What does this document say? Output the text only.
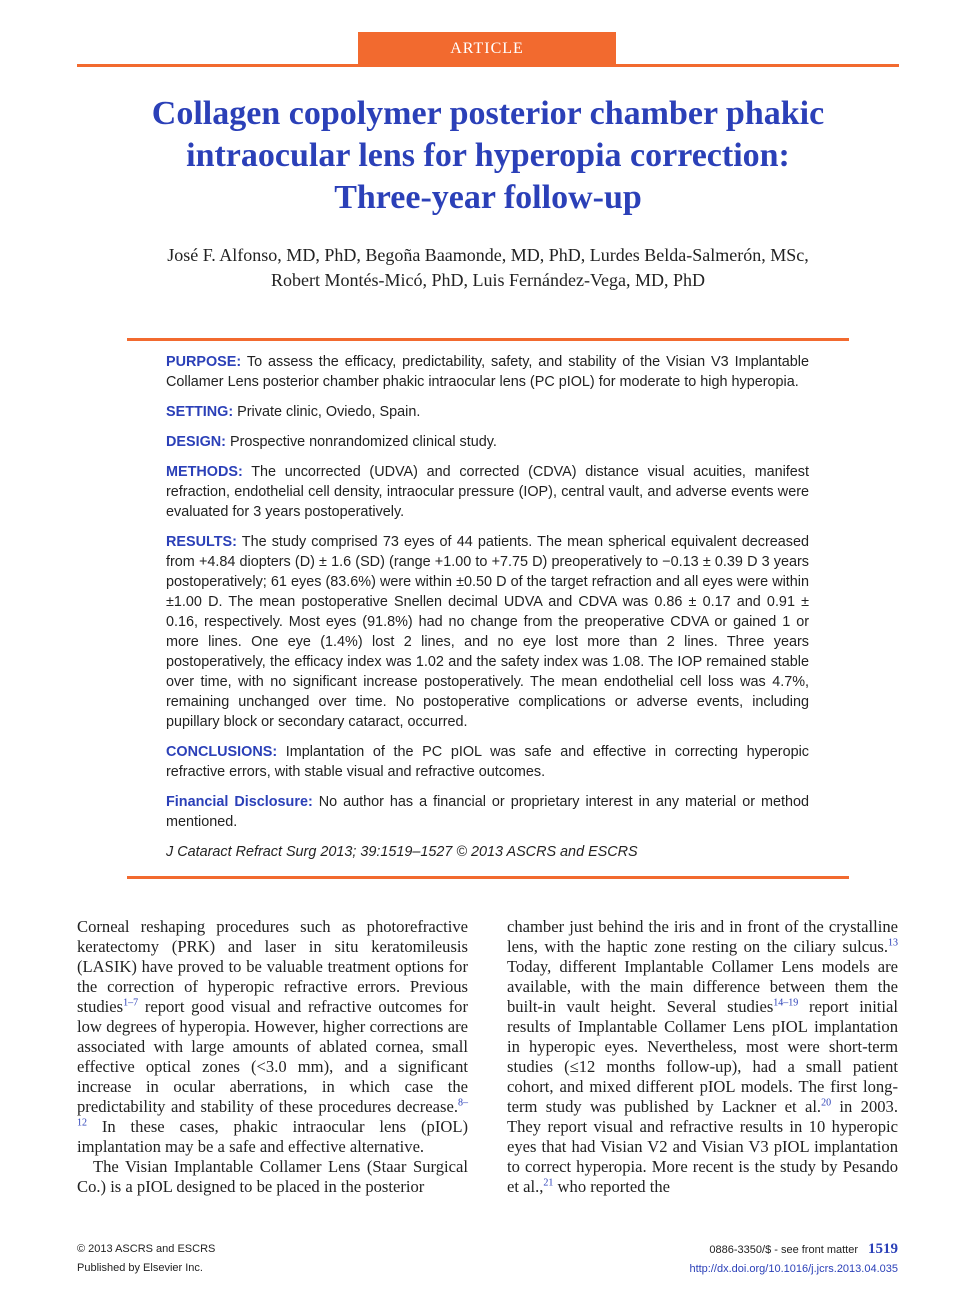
ARTICLE
Collagen copolymer posterior chamber phakic
intraocular lens for hyperopia correction:
Three-year follow-up
José F. Alfonso, MD, PhD, Begoña Baamonde, MD, PhD, Lurdes Belda-Salmerón, MSc,
Robert Montés-Micó, PhD, Luis Fernández-Vega, MD, PhD

PURPOSE: To assess the efficacy, predictability, safety, and stability of the Visian V3 Implantable Collamer Lens posterior chamber phakic intraocular lens (PC pIOL) for moderate to high hyperopia.

SETTING: Private clinic, Oviedo, Spain.

DESIGN: Prospective nonrandomized clinical study.

METHODS: The uncorrected (UDVA) and corrected (CDVA) distance visual acuities, manifest refraction, endothelial cell density, intraocular pressure (IOP), central vault, and adverse events were evaluated for 3 years postoperatively.

RESULTS: The study comprised 73 eyes of 44 patients. The mean spherical equivalent decreased from +4.84 diopters (D) ± 1.6 (SD) (range +1.00 to +7.75 D) preoperatively to −0.13 ± 0.39 D 3 years postoperatively; 61 eyes (83.6%) were within ±0.50 D of the target refraction and all eyes were within ±1.00 D. The mean postoperative Snellen decimal UDVA and CDVA was 0.86 ± 0.17 and 0.91 ± 0.16, respectively. Most eyes (91.8%) had no change from the preoperative CDVA or gained 1 or more lines. One eye (1.4%) lost 2 lines, and no eye lost more than 2 lines. Three years postoperatively, the efficacy index was 1.02 and the safety index was 1.08. The IOP remained stable over time, with no significant increase postoperatively. The mean endothelial cell loss was 4.7%, remaining unchanged over time. No postoperative complications or adverse events, including pupillary block or secondary cataract, occurred.

CONCLUSIONS: Implantation of the PC pIOL was safe and effective in correcting hyperopic refractive errors, with stable visual and refractive outcomes.

Financial Disclosure: No author has a financial or proprietary interest in any material or method mentioned.

J Cataract Refract Surg 2013; 39:1519–1527 © 2013 ASCRS and ESCRS

Corneal reshaping procedures such as photorefractive keratectomy (PRK) and laser in situ keratomileusis (LASIK) have proved to be valuable treatment options for the correction of hyperopic refractive errors. Previous studies$^{1-7}$ report good visual and refractive outcomes for low degrees of hyperopia. However, higher corrections are associated with large amounts of ablated cornea, small effective optical zones (<3.0 mm), and a significant increase in ocular aberrations, in which case the predictability and stability of these procedures decrease.$^{8-12}$ In these cases, phakic intraocular lens (pIOL) implantation may be a safe and effective alternative.

The Visian Implantable Collamer Lens (Staar Surgical Co.) is a pIOL designed to be placed in the posterior

chamber just behind the iris and in front of the crystalline lens, with the haptic zone resting on the ciliary sulcus.$^{13}$ Today, different Implantable Collamer Lens models are available, with the main difference between them the built-in vault height. Several studies$^{14-19}$ report initial results of Implantable Collamer Lens pIOL implantation in hyperopic eyes. Nevertheless, most were short-term studies (≤12 months follow-up), had a small patient cohort, and mixed different pIOL models. The first long-term study was published by Lackner et al.$^{20}$ in 2003. They report visual and refractive results in 10 hyperopic eyes that had Visian V2 and Visian V3 pIOL implantation to correct hyperopia. More recent is the study by Pesando et al.,$^{21}$ who reported the

© 2013 ASCRS and ESCRS
Published by Elsevier Inc.
0886-3350/$ - see front matter 1519
http://dx.doi.org/10.1016/j.jcrs.2013.04.035
